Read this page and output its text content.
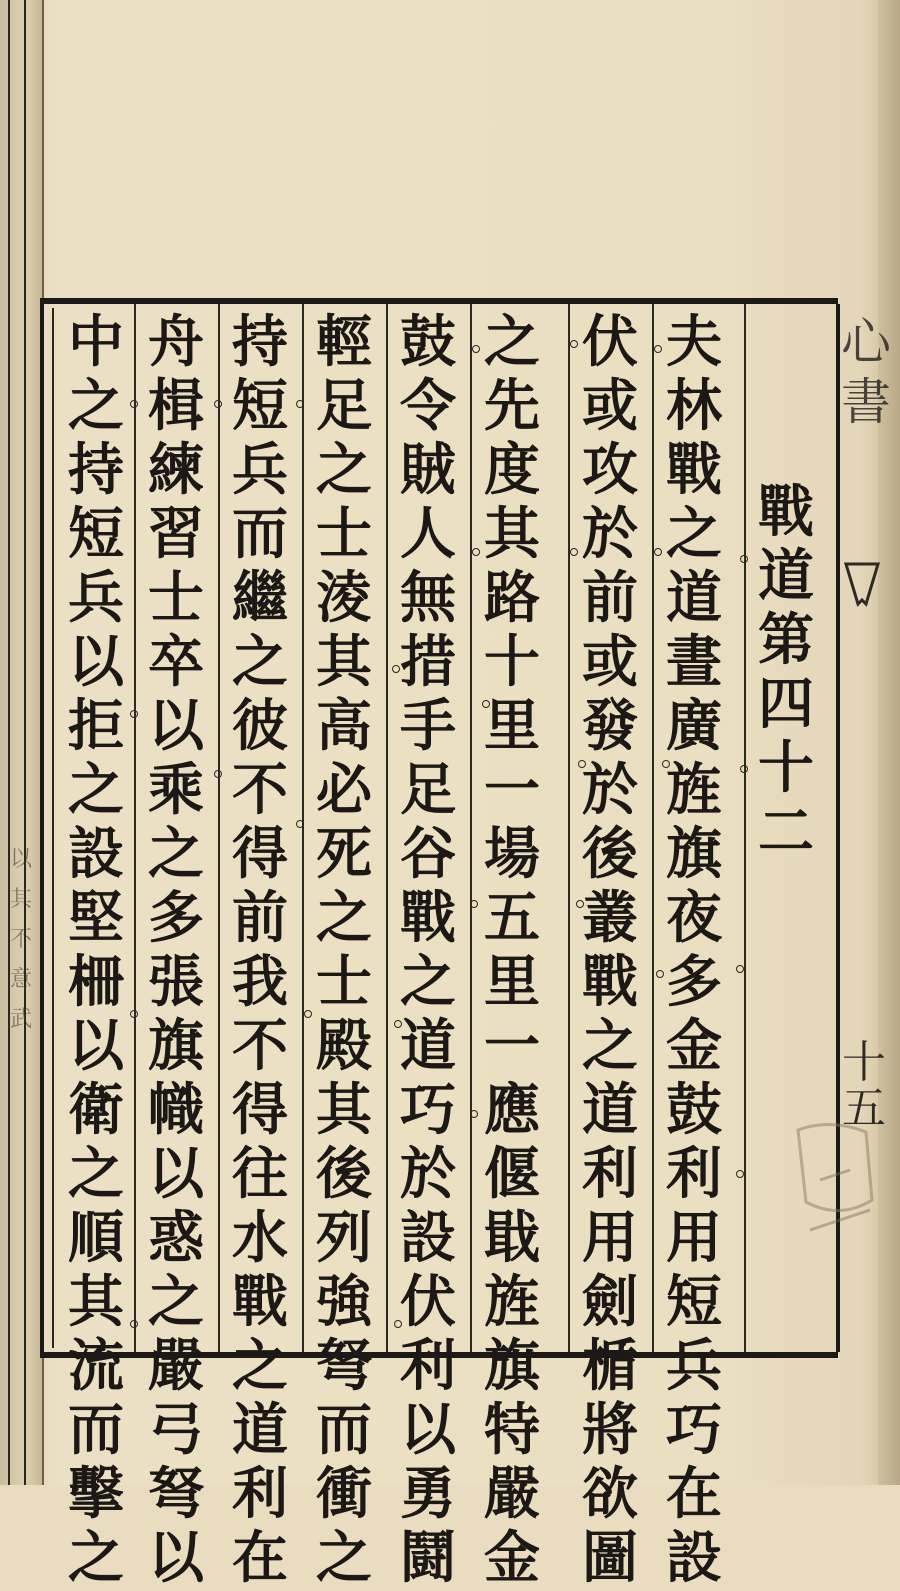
以
其
不
意
武
心
書
十
五
戰
道
第
四
十
二
夫
林
戰
之
道
晝
廣
旌
旗
夜
多
金
鼓
利
用
短
兵
巧
在
設
伏
或
攻
於
前
或
發
於
後
叢
戰
之
道
利
用
劍
楯
將
欲
圖
之
先
度
其
路
十
里
一
場
五
里
一
應
偃
戢
旌
旗
特
嚴
金
鼓
令
賊
人
無
措
手
足
谷
戰
之
道
巧
於
設
伏
利
以
勇
鬪
輕
足
之
士
淩
其
高
必
死
之
士
殿
其
後
列
強
弩
而
衝
之
持
短
兵
而
繼
之
彼
不
得
前
我
不
得
往
水
戰
之
道
利
在
舟
楫
練
習
士
卒
以
乘
之
多
張
旗
幟
以
惑
之
嚴
弓
弩
以
中
之
持
短
兵
以
拒
之
設
堅
柵
以
衛
之
順
其
流
而
擊
之
